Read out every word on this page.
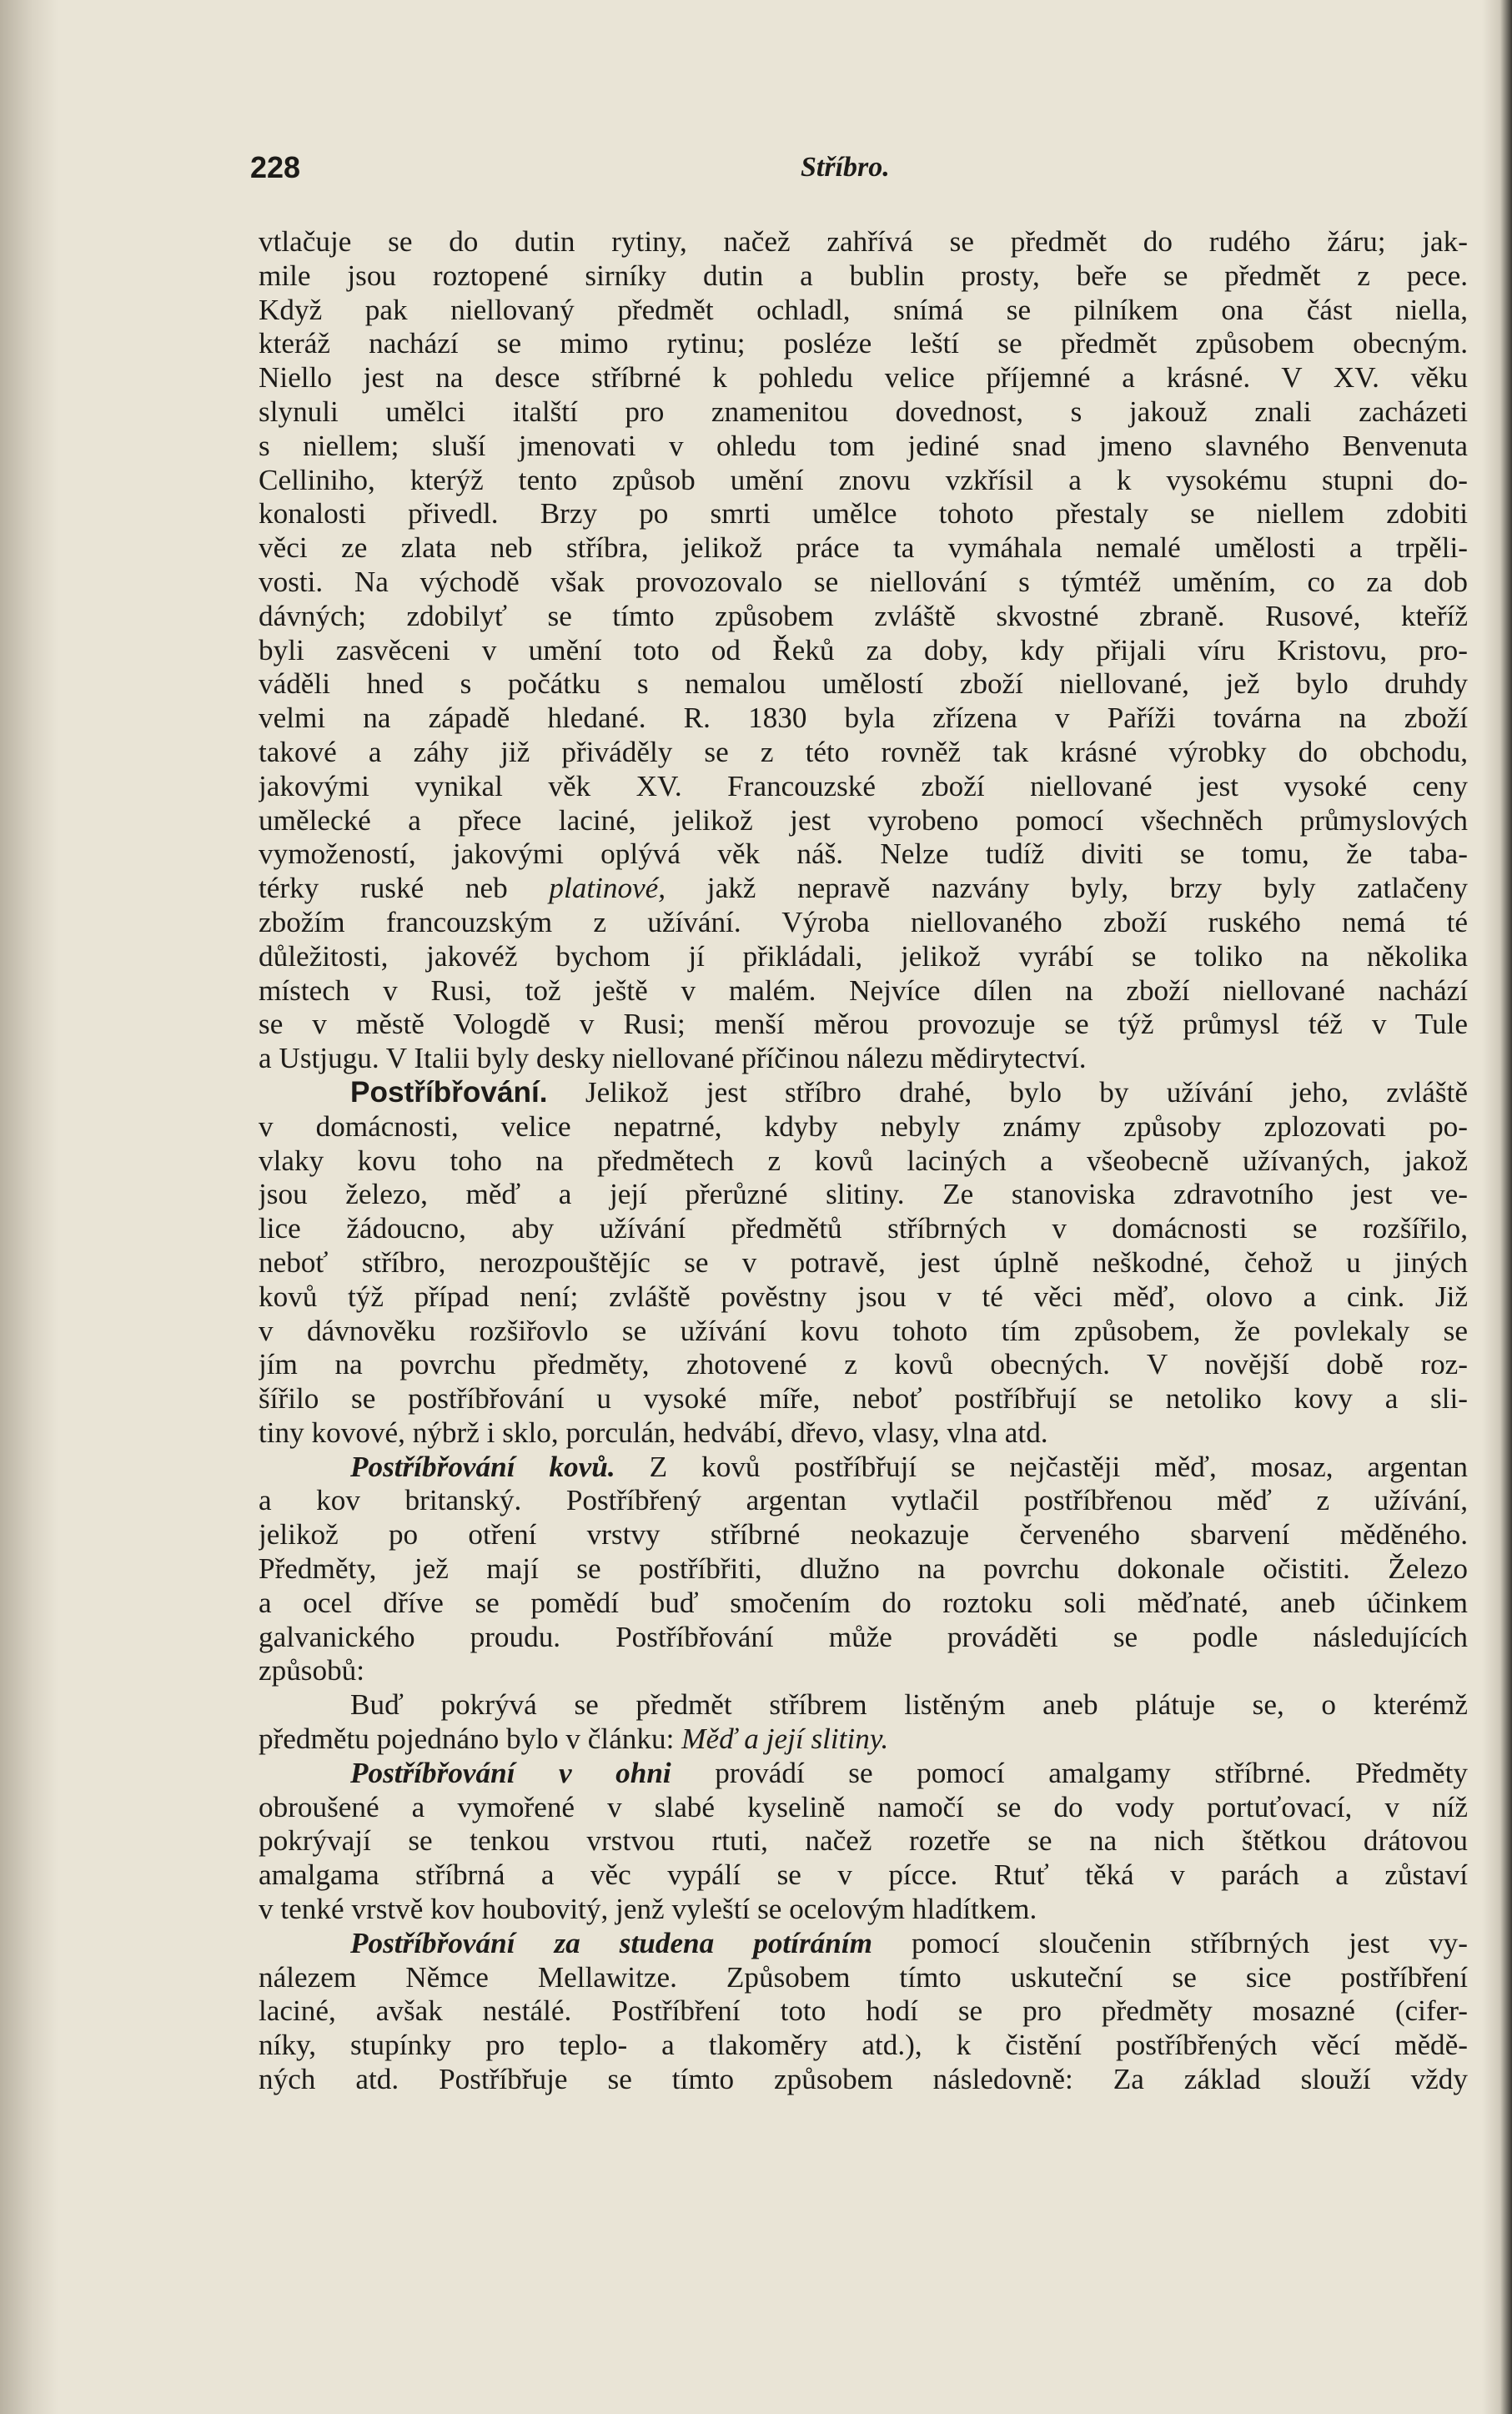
228	Stříbro.
vtlačuje se do dutin rytiny, načež zahřívá se předmět do rudého žáru; jak-
mile jsou roztopené sirníky dutin a bublin prosty, beře se předmět z pece.
Když pak niellovaný předmět ochladl, snímá se pilníkem ona část niella,
kteráž nachází se mimo rytinu; posléze leští se předmět způsobem obecným.
Niello jest na desce stříbrné k pohledu velice příjemné a krásné. V XV. věku
slynuli umělci italští pro znamenitou dovednost, s jakouž znali zacházeti
s niellem; sluší jmenovati v ohledu tom jediné snad jmeno slavného Benvenuta
Celliniho, kterýž tento způsob umění znovu vzkřísil a k vysokému stupni do-
konalosti přivedl. Brzy po smrti umělce tohoto přestaly se niellem zdobiti
věci ze zlata neb stříbra, jelikož práce ta vymáhala nemalé umělosti a trpěli-
vosti. Na východě však provozovalo se niellování s týmtéž uměním, co za dob
dávných; zdobilyť se tímto způsobem zvláště skvostné zbraně. Rusové, kteříž
byli zasvěceni v umění toto od Řeků za doby, kdy přijali víru Kristovu, pro-
váděli hned s počátku s nemalou umělostí zboží niellované, jež bylo druhdy
velmi na západě hledané. R. 1830 byla zřízena v Paříži továrna na zboží
takové a záhy již přiváděly se z této rovněž tak krásné výrobky do obchodu,
jakovými vynikal věk XV. Francouzské zboží niellované jest vysoké ceny
umělecké a přece laciné, jelikož jest vyrobeno pomocí všechněch průmyslových
vymožeností, jakovými oplývá věk náš. Nelze tudíž diviti se tomu, že taba-
térky ruské neb platinové, jakž nepravě nazvány byly, brzy byly zatlačeny
zbožím francouzským z užívání. Výroba niellovaného zboží ruského nemá té
důležitosti, jakovéž bychom jí přikládali, jelikož vyrábí se toliko na několika
místech v Rusi, tož ještě v malém. Nejvíce dílen na zboží niellované nachází
se v městě Vologdě v Rusi; menší měrou provozuje se týž průmysl též v Tule
a Ustjugu. V Italii byly desky niellované příčinou nálezu mědirytectví.
Postříbřování. Jelikož jest stříbro drahé, bylo by užívání jeho, zvláště
v domácnosti, velice nepatrné, kdyby nebyly známy způsoby zplozovati po-
vlaky kovu toho na předmětech z kovů laciných a všeobecně užívaných, jakož
jsou železo, měď a její přerůzné slitiny. Ze stanoviska zdravotního jest ve-
lice žádoucno, aby užívání předmětů stříbrných v domácnosti se rozšířilo,
neboť stříbro, nerozpouštějíc se v potravě, jest úplně neškodné, čehož u jiných
kovů týž případ není; zvláště pověstny jsou v té věci měď, olovo a cink. Již
v dávnověku rozšiřovlo se užívání kovu tohoto tím způsobem, že povlekaly se
jím na povrchu předměty, zhotovené z kovů obecných. V novější době roz-
šířilo se postříbřování u vysoké míře, neboť postříbřují se netoliko kovy a sli-
tiny kovové, nýbrž i sklo, porculán, hedvábí, dřevo, vlasy, vlna atd.
Postříbřování kovů. Z kovů postříbřují se nejčastěji měď, mosaz, argentan
a kov britanský. Postříbřený argentan vytlačil postříbřenou měď z užívání,
jelikož po otření vrstvy stříbrné neokazuje červeného sbarvení měděného.
Předměty, jež mají se postříbřiti, dlužno na povrchu dokonale očistiti. Železo
a ocel dříve se pomědí buď smočením do roztoku soli měďnaté, aneb účinkem
galvanického proudu. Postříbřování může prováděti se podle následujících
způsobů:
Buď pokrývá se předmět stříbrem listěným aneb plátuje se, o kterémž
předmětu pojednáno bylo v článku: Měď a její slitiny.
Postříbřování v ohni provádí se pomocí amalgamy stříbrné. Předměty
obroušené a vymořené v slabé kyselině namočí se do vody portuťovací, v níž
pokrývají se tenkou vrstvou rtuti, načež rozetře se na nich štětkou drátovou
amalgama stříbrná a věc vypálí se v pícce. Rtuť těká v parách a zůstaví
v tenké vrstvě kov houbovitý, jenž vyleští se ocelovým hladítkem.
Postříbřování za studena potíráním pomocí sloučenin stříbrných jest vy-
nálezem Němce Mellawitze. Způsobem tímto uskuteční se sice postříbření
laciné, avšak nestálé. Postříbření toto hodí se pro předměty mosazné (cifer-
níky, stupínky pro teplo- a tlakoměry atd.), k čistění postříbřených věcí mědě-
ných atd. Postříbřuje se tímto způsobem následovně: Za základ slouží vždy
